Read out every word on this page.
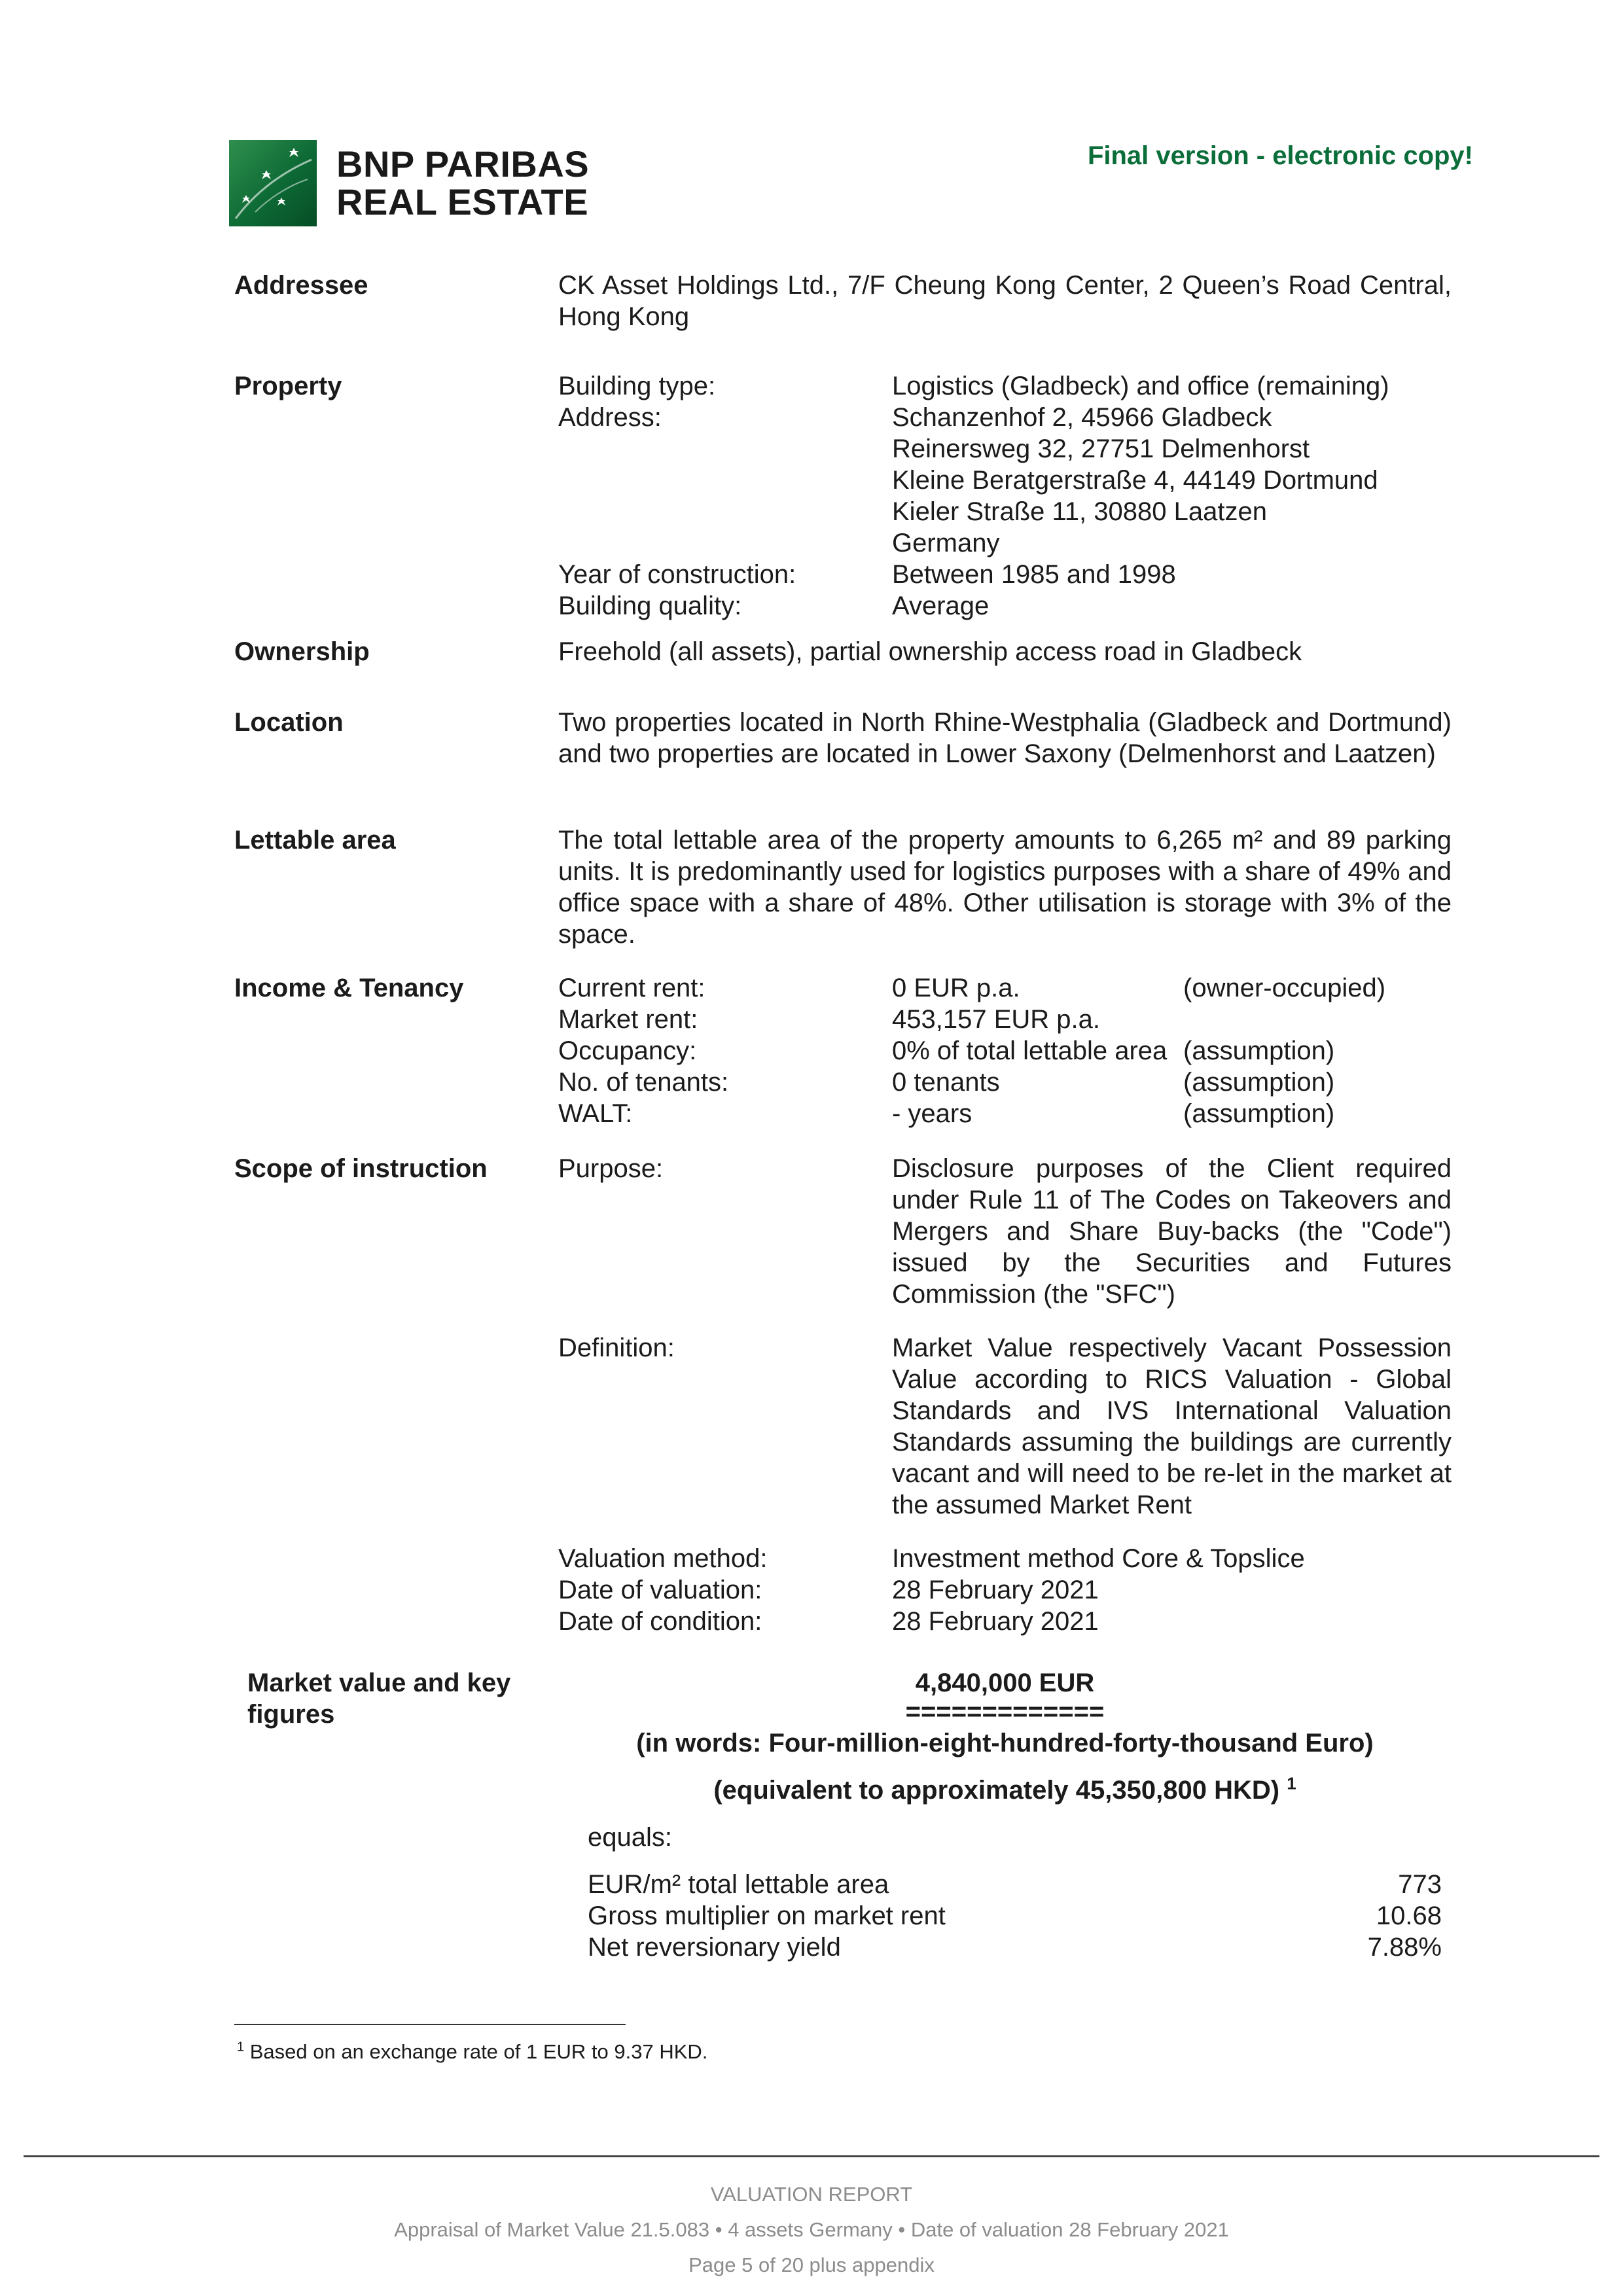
BNP PARIBAS
REAL ESTATE
Final version - electronic copy!
Addressee	CK Asset Holdings Ltd., 7/F Cheung Kong Center, 2 Queen’s Road Central, Hong Kong
Property	Building type:	Logistics (Gladbeck) and office (remaining)
Address:	Schanzenhof 2, 45966 Gladbeck
Reinersweg 32, 27751 Delmenhorst
Kleine Beratgerstraße 4, 44149 Dortmund
Kieler Straße 11, 30880 Laatzen
Germany
Year of construction:	Between 1985 and 1998
Building quality:	Average
Ownership	Freehold (all assets), partial ownership access road in Gladbeck
Location	Two properties located in North Rhine-Westphalia (Gladbeck and Dortmund) and two properties are located in Lower Saxony (Delmenhorst and Laatzen)
Lettable area	The total lettable area of the property amounts to 6,265 m² and 89 parking units. It is predominantly used for logistics purposes with a share of 49% and office space with a share of 48%. Other utilisation is storage with 3% of the space.
Income & Tenancy	Current rent:	0 EUR p.a.	(owner-occupied)
Market rent:	453,157 EUR p.a.
Occupancy:	0% of total lettable area (assumption)
No. of tenants:	0 tenants	(assumption)
WALT:	- years	(assumption)
Scope of instruction	Purpose:	Disclosure purposes of the Client required under Rule 11 of The Codes on Takeovers and Mergers and Share Buy-backs (the "Code") issued by the Securities and Futures Commission (the "SFC")
Definition:	Market Value respectively Vacant Possession Value according to RICS Valuation - Global Standards and IVS International Valuation Standards assuming the buildings are currently vacant and will need to be re-let in the market at the assumed Market Rent
Valuation method:	Investment method Core & Topslice
Date of valuation:	28 February 2021
Date of condition:	28 February 2021
Market value and key figures
4,840,000 EUR
=============
(in words: Four-million-eight-hundred-forty-thousand Euro)
(equivalent to approximately 45,350,800 HKD) $^1$
equals:
EUR/m² total lettable area	773
Gross multiplier on market rent	10.68
Net reversionary yield	7.88%
$^1$ Based on an exchange rate of 1 EUR to 9.37 HKD.
VALUATION REPORT
Appraisal of Market Value 21.5.083 • 4 assets Germany • Date of valuation 28 February 2021
Page 5 of 20 plus appendix
